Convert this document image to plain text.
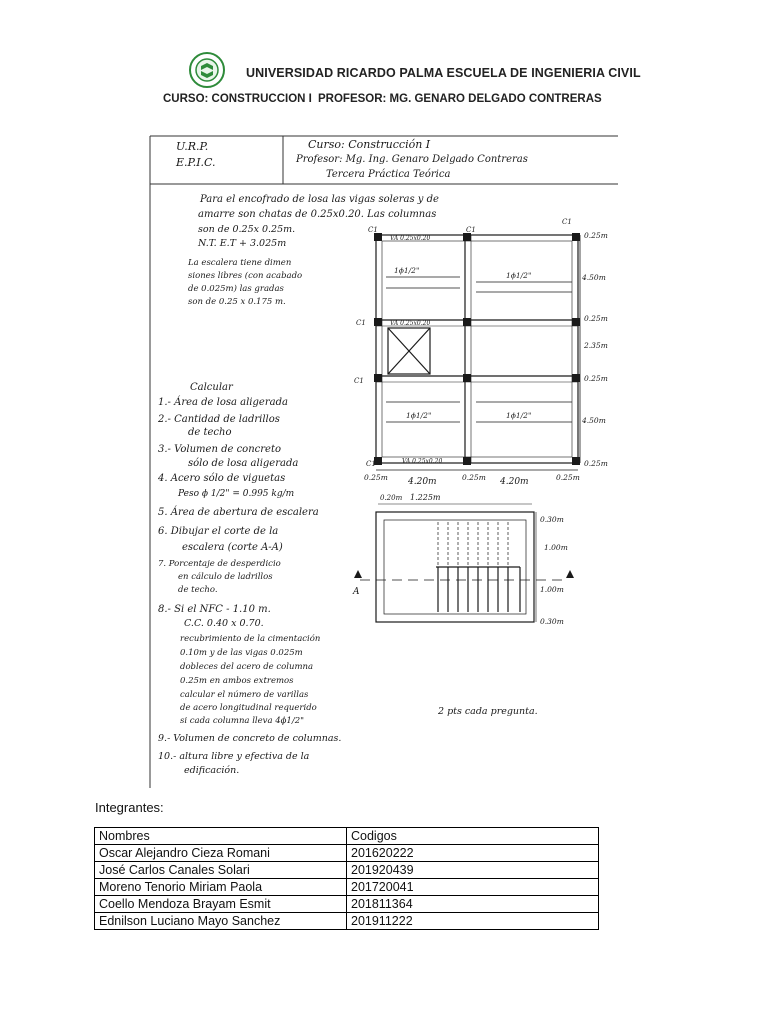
UNIVERSIDAD RICARDO PALMA ESCUELA DE INGENIERIA CIVIL
CURSO: CONSTRUCCION I PROFESOR: MG. GENARO DELGADO CONTRERAS
U.R.P.
E.P.I.C.
Curso: Construcción I
Profesor: Mg. Ing. Genaro Delgado Contreras
Tercera Práctica Teórica
Para el encofrado de losa las vigas soleras y de
amarre son chatas de 0.25x0.20. Las columnas
son de 0.25x 0.25m.
N.T. E.T + 3.025m
La escalera tiene dimen
siones libres (con acabado
de 0.025m) las gradas
son de 0.25 x 0.175 m.
Calcular
1.- Área de losa aligerada
2.- Cantidad de ladrillos
de techo
3.- Volumen de concreto
sólo de losa aligerada
4. Acero sólo de viguetas
Peso ϕ 1/2" = 0.995 kg/m
5. Área de abertura de escalera
6. Dibujar el corte de la
escalera (corte A-A)
7. Porcentaje de desperdicio
en cálculo de ladrillos
de techo.
8.- Si el NFC - 1.10 m.
C.C. 0.40 x 0.70.
recubrimiento de la cimentación
0.10m y de las vigas 0.025m
dobleces del acero de columna
0.25m en ambos extremos
calcular el número de varillas
de acero longitudinal requerido
si cada columna lleva 4ϕ1/2"
9.- Volumen de concreto de columnas.
10.- altura libre y efectiva de la
edificación.
2 pts cada pregunta.
C1	C1
C1
C1
C1
C1
VA 0.25x0.20
VA 0.25x0.20
VA 0.25x0.20
1ϕ1/2"
1ϕ1/2"
1ϕ1/2"	1ϕ1/2"
0.25m
4.50m
0.25m
2.35m
0.25m
4.50m
0.25m
0.25m 4.20m	0.25m 4.20m	0.25m
A
0.20m 1.225m
0.30m
1.00m
1.00m
0.30m
Integrantes:
Nombres	Codigos
Oscar Alejandro Cieza Romani	201620222
José Carlos Canales Solari	201920439
Moreno Tenorio Miriam Paola	201720041
Coello Mendoza Brayam Esmit	201811364
Ednilson Luciano Mayo Sanchez	201911222
